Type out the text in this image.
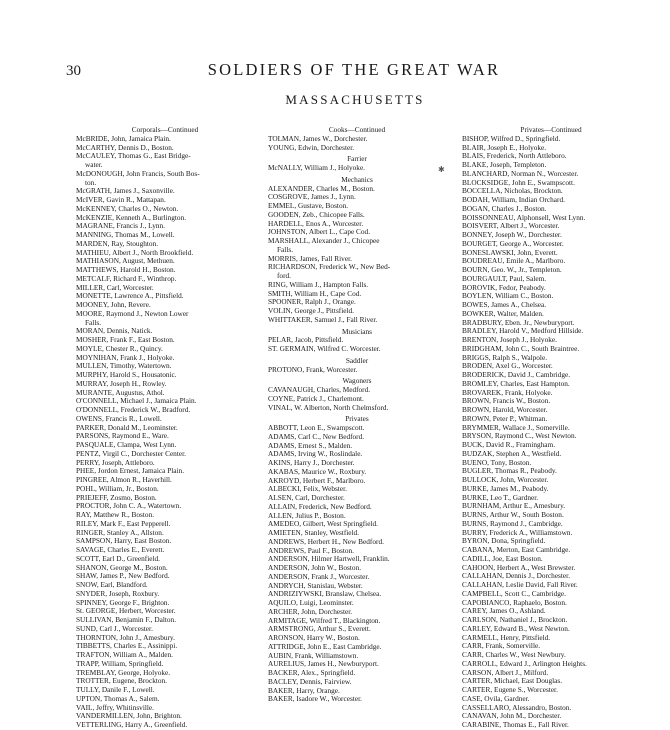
30	SOLDIERS OF THE GREAT WAR
MASSACHUSETTS
✱
Corporals—Continued
McBRIDE, John, Jamaica Plain.
McCARTHY, Dennis D., Boston.
McCAULEY, Thomas G., East Bridge-
water.
McDONOUGH, John Francis, South Bos-
ton.
McGRATH, James J., Saxonville.
McIVER, Gavin R., Mattapan.
McKENNEY, Charles O., Newton.
McKENZIE, Kenneth A., Burlington.
MAGRANE, Francis J., Lynn.
MANNING, Thomas M., Lowell.
MARDEN, Ray, Stoughton.
MATHIEU, Albert J., North Brookfield.
MATHIASON, August, Methuen.
MATTHEWS, Harold H., Boston.
METCALF, Richard F., Winthrop.
MILLER, Carl, Worcester.
MONETTE, Lawrence A., Pittsfield.
MOONEY, John, Revere.
MOORE, Raymond J., Newton Lower
Falls.
MORAN, Dennis, Natick.
MOSHER, Frank F., East Boston.
MOYLE, Chester R., Quincy.
MOYNIHAN, Frank J., Holyoke.
MULLEN, Timothy, Watertown.
MURPHY, Harold S., Housatonic.
MURRAY, Joseph H., Rowley.
MURANTE, Augustus, Athol.
O'CONNELL, Michael J., Jamaica Plain.
O'DONNELL, Frederick W., Bradford.
OWENS, Francis R., Lowell.
PARKER, Donald M., Leominster.
PARSONS, Raymond E., Ware.
PASQUALE, Clampa, West Lynn.
PENTZ, Virgil C., Dorchester Center.
PERRY, Joseph, Attleboro.
PHEE, Jordon Ernest, Jamaica Plain.
PINGREE, Almon R., Haverhill.
POHL, William, Jr., Boston.
PRIEJEFF, Zosmo, Boston.
PROCTOR, John C. A., Watertown.
RAY, Matthew R., Boston.
RILEY, Mark F., East Pepperell.
RINGER, Stanley A., Allston.
SAMPSON, Harry, East Boston.
SAVAGE, Charles E., Everett.
SCOTT, Earl D., Greenfield.
SHANON, George M., Boston.
SHAW, James P., New Bedford.
SNOW, Earl, Blandford.
SNYDER, Joseph, Roxbury.
SPINNEY, George F., Brighton.
St. GEORGE, Herbert, Worcester.
SULLIVAN, Benjamin F., Dalton.
SUND, Carl J., Worcester.
THORNTON, John J., Amesbury.
TIBBETTS, Charles E., Assinippi.
TRAFTON, William A., Malden.
TRAPP, William, Springfield.
TREMBLAY, George, Holyoke.
TROTTER, Eugene, Brockton.
TULLY, Danile F., Lowell.
UPTON, Thomas A., Salem.
VAIL, Jeffry, Whitinsville.
VANDERMILLEN, John, Brighton.
VETTERLING, Harry A., Greenfield.
Cooks—Continued
TOLMAN, James W., Dorchester.
YOUNG, Edwin, Dorchester.
Farrier
McNALLY, William J., Holyoke.
Mechanics
ALEXANDER, Charles M., Boston.
COSGROVE, James J., Lynn.
EMMEL, Gustave, Boston.
GOODEN, Zeb., Chicopee Falls.
HARDELL, Enos A., Worcester.
JOHNSTON, Albert L., Cape Cod.
MARSHALL, Alexander J., Chicopee
Falls.
MORRIS, James, Fall River.
RICHARDSON, Frederick W., New Bed-
ford.
RING, William J., Hampton Falls.
SMITH, William H., Cape Cod.
SPOONER, Ralph J., Orange.
VOLIN, George J., Pittsfield.
WHITTAKER, Samuel J., Fall River.
Musicians
PELAR, Jacob, Pittsfield.
ST. GERMAIN, Wilfred C. Worcester.
Saddler
PROTONO, Frank, Worcester.
Wagoners
CAVANAUGH, Charles, Medford.
COYNE, Patrick J., Charlemont.
VINAL, W. Alberton, North Chelmsford.
Privates
ABBOTT, Leon E., Swampscott.
ADAMS, Carl C., New Bedford.
ADAMS, Ernest S., Malden.
ADAMS, Irving W., Roslindale.
AKINS, Harry J., Dorchester.
AKABAS, Maurice W., Roxbury.
AKROYD, Herbert F., Marlboro.
ALBECKI, Felix, Webster.
ALSEN, Carl, Dorchester.
ALLAIN, Frederick, New Bedford.
ALLEN, Julius P., Boston.
AMEDEO, Gilbert, West Springfield.
AMIETEN, Stanley, Westfield.
ANDREWS, Herbert H., New Bedford.
ANDREWS, Paul F., Boston.
ANDERSON, Hilmer Hartwell, Franklin.
ANDERSON, John W., Boston.
ANDERSON, Frank J., Worcester.
ANDRYCH, Stanislau, Webster.
ANDRIZIYWSKI, Branslaw, Chelsea.
AQUILO, Luigi, Leominster.
ARCHER, John, Dorchester.
ARMITAGE, Wilfred T., Blackington.
ARMSTRONG, Arthur S., Everett.
ARONSON, Harry W., Boston.
ATTRIDGE, John E., East Cambridge.
AUBIN, Frank, Williamstown.
AURELIUS, James H., Newburyport.
BACKER, Alex., Springfield.
BACLEY, Dennis, Fairview.
BAKER, Harry, Orange.
BAKER, Isadore W., Worcester.
Privates—Continued
BISHOP, Wilfred D., Springfield.
BLAIR, Joseph E., Holyoke.
BLAIS, Frederick, North Attleboro.
BLAKE, Joseph, Templeton.
BLANCHARD, Norman N., Worcester.
BLOCKSIDGE, John E., Swampscott.
BOCCELLA, Nicholas, Brockton.
BODAH, William, Indian Orchard.
BOGAN, Charles J., Boston.
BOISSONNEAU, Alphonsell, West Lynn.
BOISVERT, Albert J., Worcester.
BONNEY, Joseph W., Dorchester.
BOURGET, George A., Worcester.
BONESLAWSKI, John, Everett.
BOUDREAU, Emile A., Marlboro.
BOURN, Geo. W., Jr., Templeton.
BOURGAULT, Paul, Salem.
BOROVIK, Fedor, Peabody.
BOYLEN, William C., Boston.
BOWES, James A., Chelsea.
BOWKER, Walter, Malden.
BRADBURY, Eben. Jr., Newburyport.
BRADLEY, Harold V., Medford Hillside.
BRENTON, Joseph J., Holyoke.
BRIDGHAM, John C., South Braintree.
BRIGGS, Ralph S., Walpole.
BRODEN, Axel G., Worcester.
BRODERICK, David J., Cambridge.
BROMLEY, Charles, East Hampton.
BROVAREK, Frank, Holyoke.
BROWN, Francis W., Boston.
BROWN, Harold, Worcester.
BROWN, Peter P., Whitman.
BRYMMER, Wallace J., Somerville.
BRYSON, Raymond C., West Newton.
BUCK, David R., Framingham.
BUDZAK, Stephen A., Westfield.
BUENO, Tony, Boston.
BUGLER, Thomas R., Peabody.
BULLOCK, John, Worcester.
BURKE, James M., Peabody.
BURKE, Leo T., Gardner.
BURNHAM, Arthur E., Amesbury.
BURNS, Arthur W., South Boston.
BURNS, Raymond J., Cambridge.
BURRY, Frederick A., Williamstown.
BYRON, Dona, Springfield.
CABANA, Merton, East Cambridge.
CADILL, Joe, East Boston.
CAHOON, Herbert A., West Brewster.
CALLAHAN, Dennis J., Dorchester.
CALLAHAN, Leslie David, Fall River.
CAMPBELL, Scott C., Cambridge.
CAPOBIANCO, Raphaelo, Boston.
CAREY, James O., Ashland.
CARLSON, Nathaniel J., Brockton.
CARLEY, Edward B., West Newton.
CARMELL, Henry, Pittsfield.
CARR, Frank, Somerville.
CARR, Charles W., West Newbury.
CARROLL, Edward J., Arlington Heights.
CARSON, Albert J., Milford.
CARTER, Michael, East Douglas.
CARTER, Eugene S., Worcester.
CASE, Ovila, Gardner.
CASSELLARO, Alessandro, Boston.
CANAVAN, John M., Dorchester.
CARABINE, Thomas E., Fall River.
